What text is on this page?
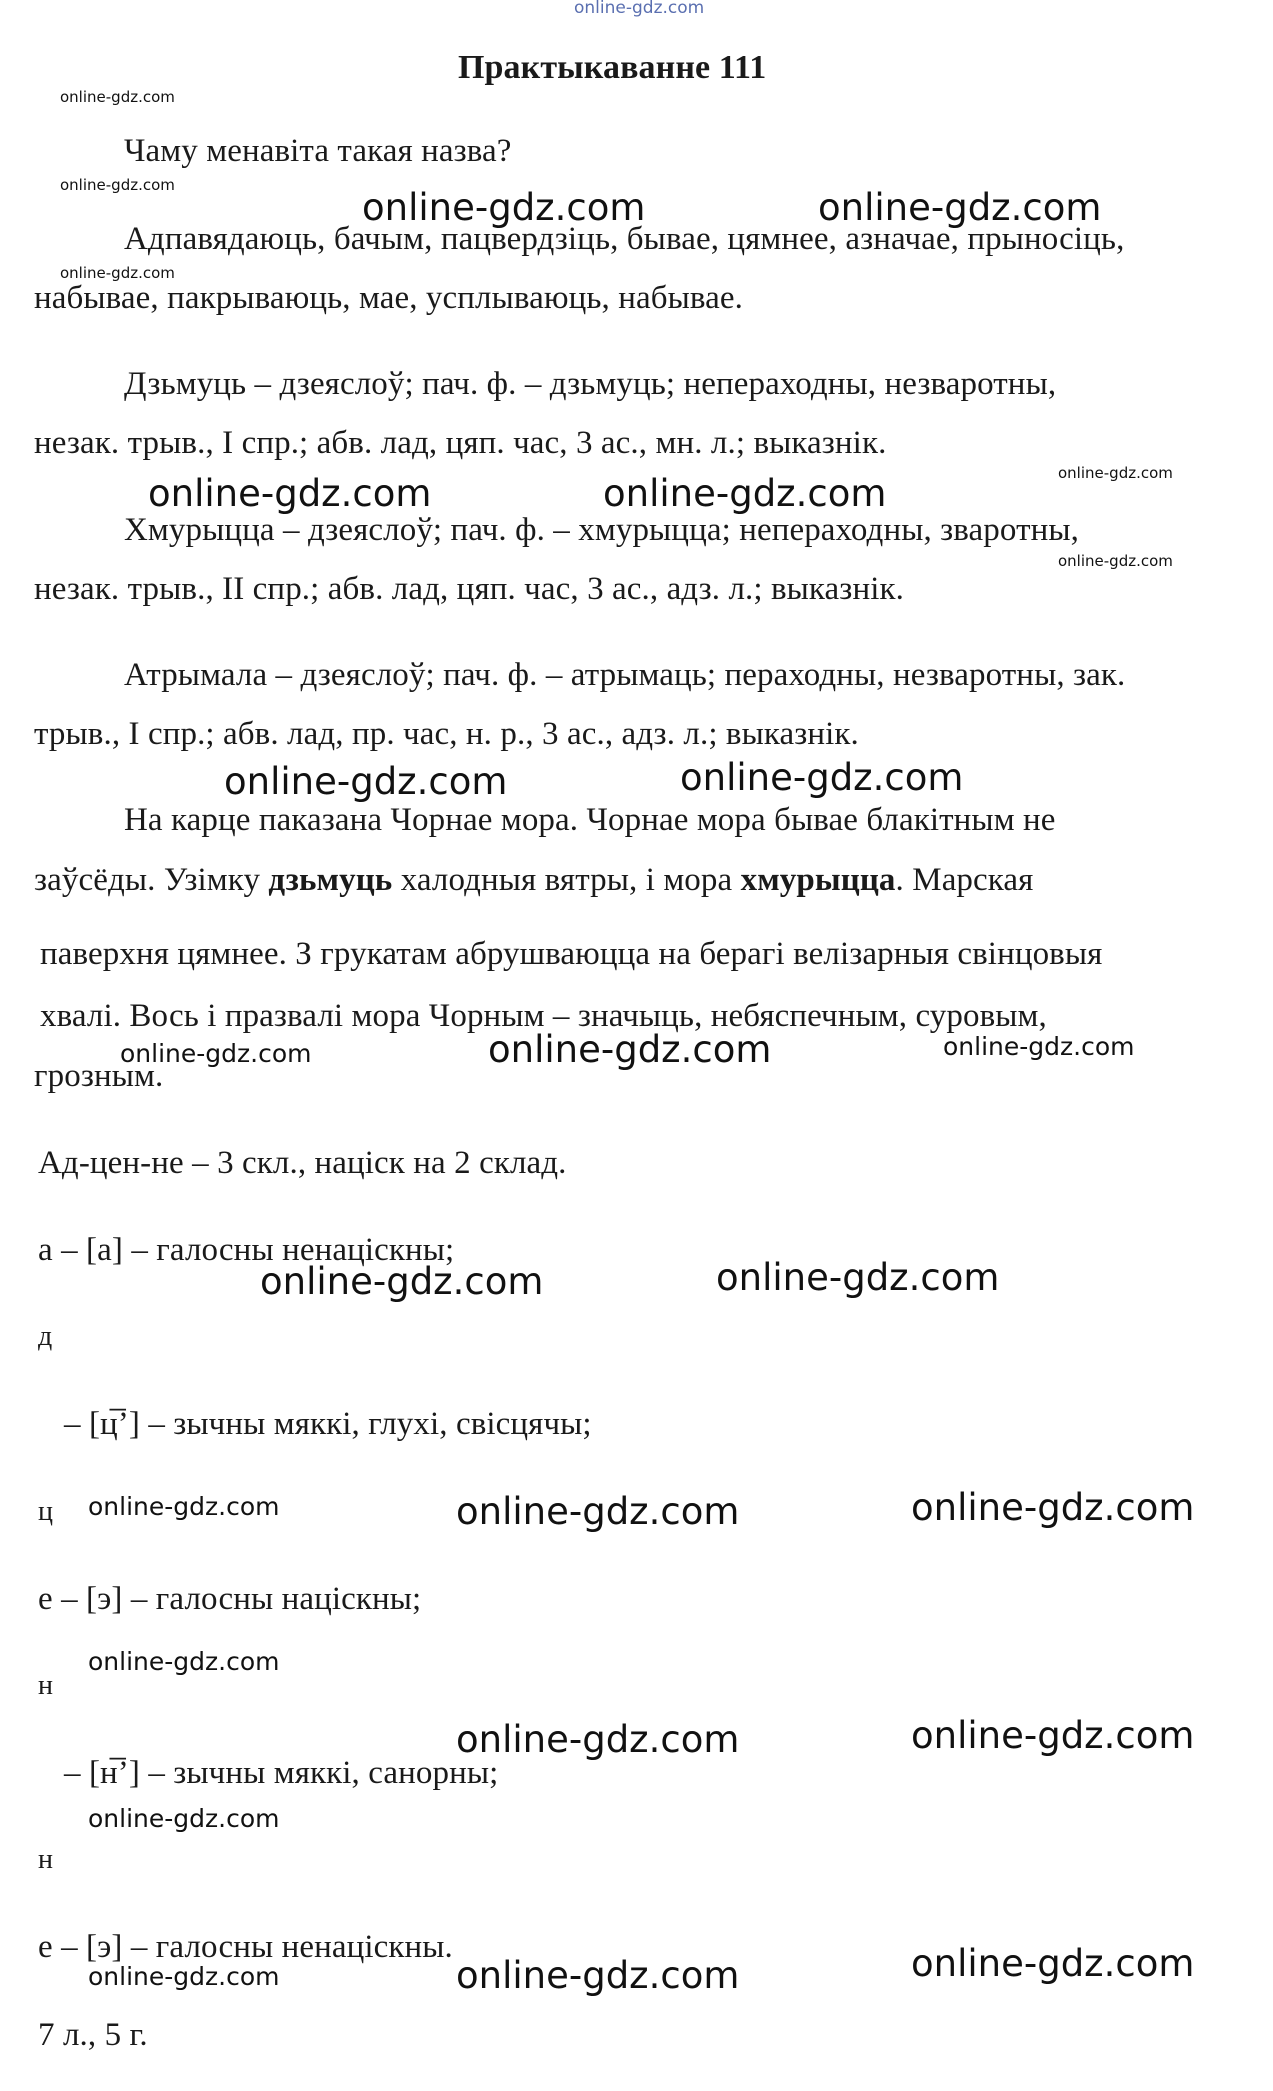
online-gdz.com
Практыкаванне 111
Чаму менавіта такая назва?
Адпавядаюць, бачым, пацвердзіць, бывае, цямнее, азначае, прыносіць,
набывае, пакрываюць, мае, усплываюць, набывае.
Дзьмуць – дзеяслоў; пач. ф. – дзьмуць; непераходны, незваротны,
незак. трыв., I спр.; абв. лад, цяп. час, 3 ас., мн. л.; выказнік.
Хмурыцца – дзеяслоў; пач. ф. – хмурыцца; непераходны, зваротны,
незак. трыв., II спр.; абв. лад, цяп. час, 3 ас., адз. л.; выказнік.
Атрымала – дзеяслоў; пач. ф. – атрымаць; пераходны, незваротны, зак.
трыв., I спр.; абв. лад, пр. час, н. р., 3 ас., адз. л.; выказнік.
На карце паказана Чорнае мора. Чорнае мора бывае блакітным не
заўсёды. Узімку дзьмуць халодныя вятры, і мора хмурыцца. Марская
паверхня цямнее. З грукатам абрушваюцца на берагі велізарныя свінцовыя
хвалі. Вось і празвалі мора Чорным – значыць, небяспечным, суровым,
грозным.
Ад-цен-не – 3 скл., націск на 2 склад.
а – [а] – галосны ненаціскны;
д
– [ц̅’] – зычны мяккі, глухі, свісцячы;
ц
е – [э] – галосны націскны;
н
– [н̅’] – зычны мяккі, санорны;
н
е – [э] – галосны ненаціскны.
7 л., 5 г.
online-gdz.com
online-gdz.com
online-gdz.com
online-gdz.com	online-gdz.com
online-gdz.com
online-gdz.com
online-gdz.com	online-gdz.com
online-gdz.com	online-gdz.com
online-gdz.com	online-gdz.com	online-gdz.com
online-gdz.com	online-gdz.com
online-gdz.com	online-gdz.com	online-gdz.com
online-gdz.com
online-gdz.com	online-gdz.com
online-gdz.com
online-gdz.com	online-gdz.com	online-gdz.com
